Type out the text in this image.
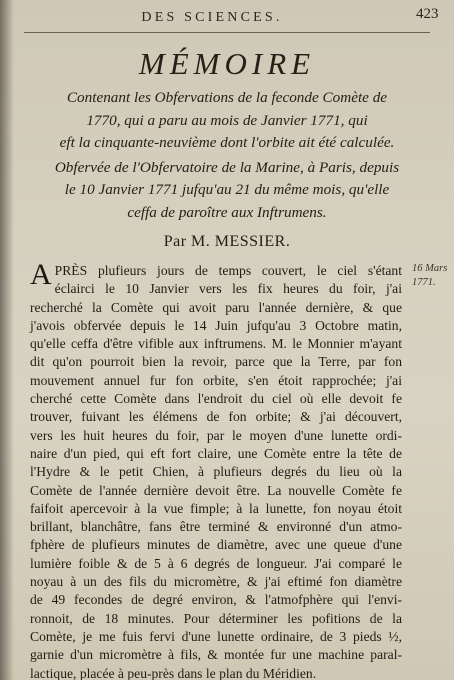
DES SCIENCES.	423
MÉMOIRE
Contenant les Obfervations de la feconde Comète de
1770, qui a paru au mois de Janvier 1771, qui
eft la cinquante-neuvième dont l'orbite ait été calculée.
Obfervée de l'Obfervatoire de la Marine, à Paris, depuis
le 10 Janvier 1771 jufqu'au 21 du même mois, qu'elle
ceffa de paroître aux Inftrumens.
Par M. MESSIER.
16 Mars
1771.
APRÈS plufieurs jours de temps couvert, le ciel s'étant
éclairci le 10 Janvier vers les fix heures du foir, j'ai
recherché la Comète qui avoit paru l'année dernière, & que
j'avois obfervée depuis le 14 Juin jufqu'au 3 Octobre matin,
qu'elle ceffa d'être vifible aux inftrumens. M. le Monnier m'ayant
dit qu'on pourroit bien la revoir, parce que la Terre, par fon
mouvement annuel fur fon orbite, s'en étoit rapprochée; j'ai
cherché cette Comète dans l'endroit du ciel où elle devoit fe
trouver, fuivant les élémens de fon orbite; & j'ai découvert,
vers les huit heures du foir, par le moyen d'une lunette ordi-
naire d'un pied, qui eft fort claire, une Comète entre la tête de
l'Hydre & le petit Chien, à plufieurs degrés du lieu où la
Comète de l'année dernière devoit être. La nouvelle Comète fe
faifoit apercevoir à la vue fimple; à la lunette, fon noyau étoit
brillant, blanchâtre, fans être terminé & environné d'un atmo-
fphère de plufieurs minutes de diamètre, avec une queue d'une
lumière foible & de 5 à 6 degrés de longueur. J'ai comparé le
noyau à un des fils du micromètre, & j'ai eftimé fon diamètre
de 49 fecondes de degré environ, & l'atmofphère qui l'envi-
ronnoit, de 18 minutes. Pour déterminer les pofitions de la
Comète, je me fuis fervi d'une lunette ordinaire, de 3 pieds ½,
garnie d'un micromètre à fils, & montée fur une machine paral-
lactique, placée à peu-près dans le plan du Méridien.
